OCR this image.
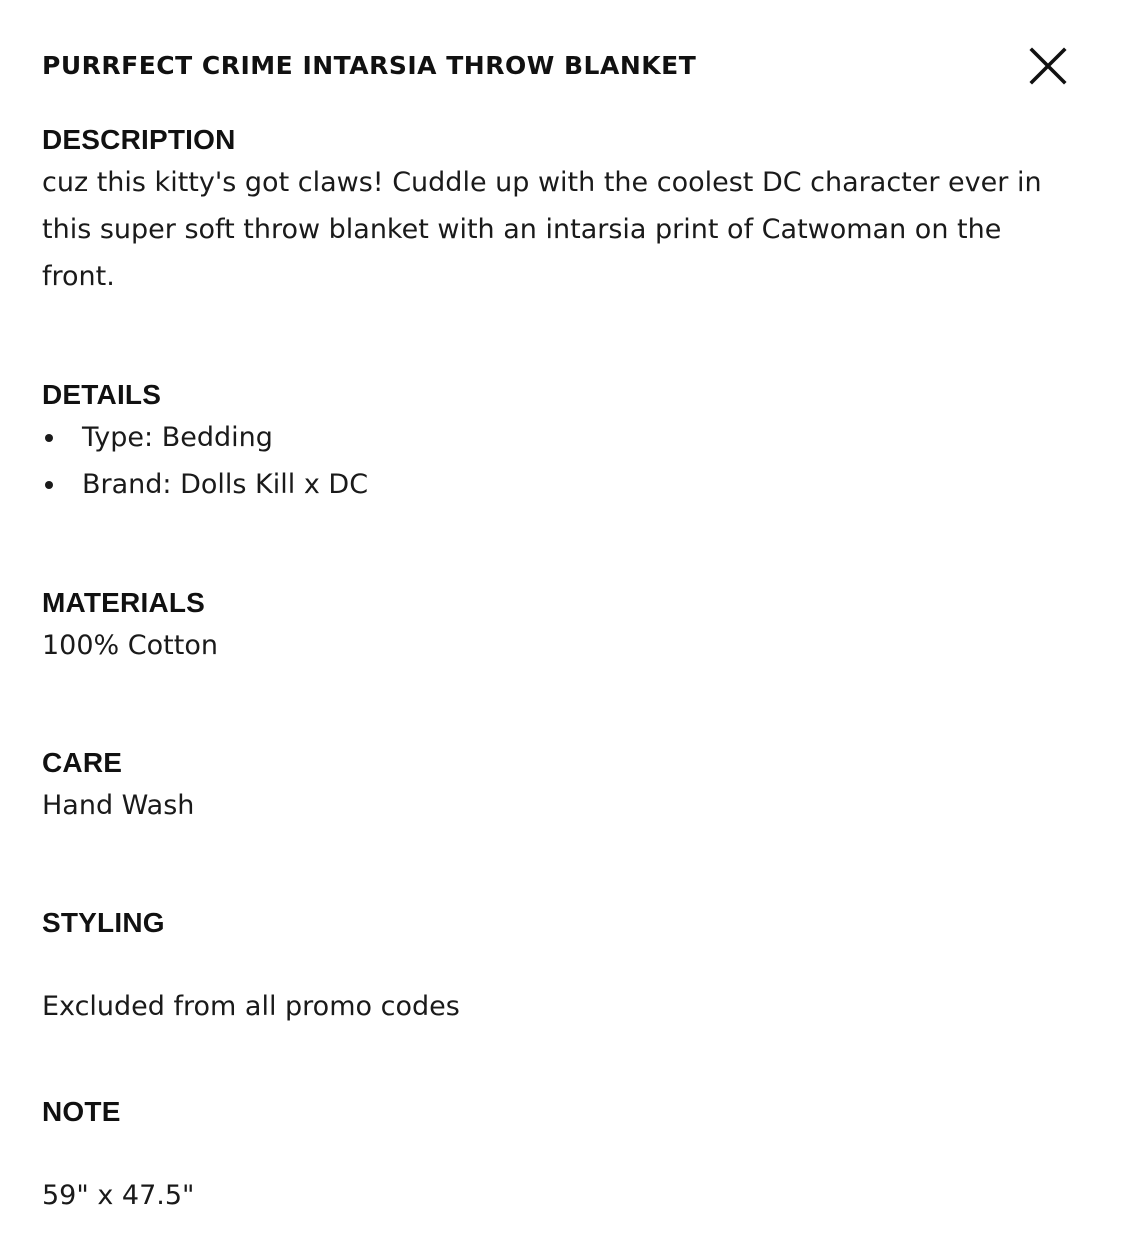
PURRFECT CRIME INTARSIA THROW BLANKET
DESCRIPTION

cuz this kitty's got claws! Cuddle up with the coolest DC character ever in this super soft throw blanket with an intarsia print of Catwoman on the front.

DETAILS
Type: Bedding
Brand: Dolls Kill x DC
MATERIALS

100% Cotton

CARE

Hand Wash

STYLING

Excluded from all promo codes

NOTE

59" x 47.5"
